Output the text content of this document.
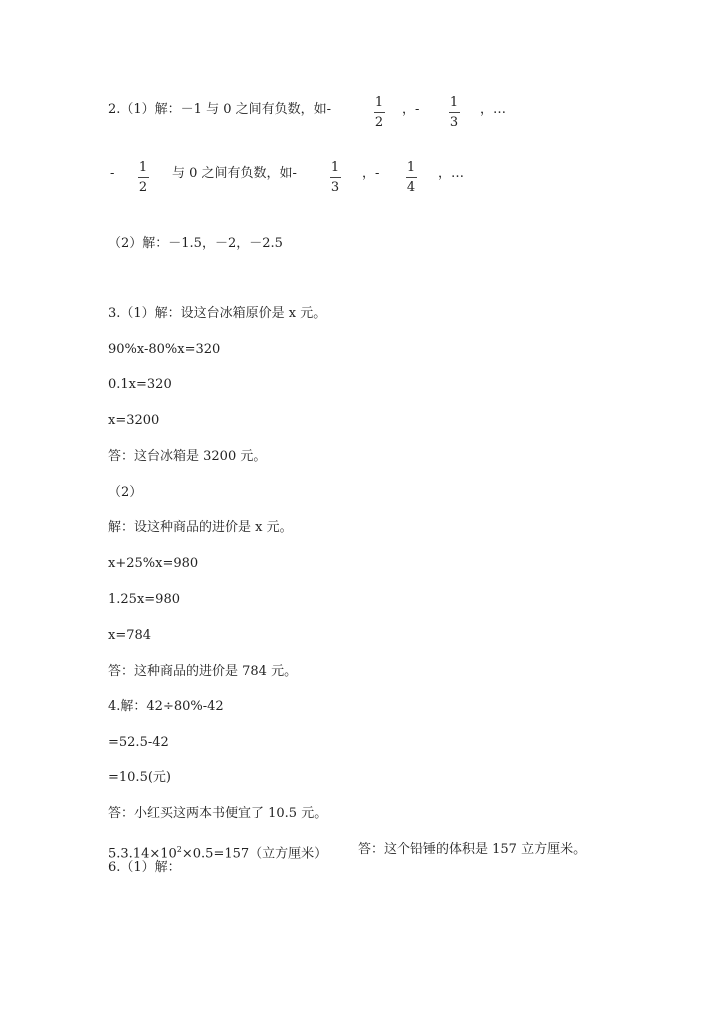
2.（1）解：－1 与 0 之间有负数，如-	1
2
，- 1
3
，…
- 1
2
与 0 之间有负数，如-	1
3
，- 1
4
，…
（2）解：－1.5，－2，－2.5
3.（1）解：设这台冰箱原价是 x 元。
90%x-80%x=320
0.1x=320
x=3200
答：这台冰箱是 3200 元。
（2）
解：设这种商品的进价是 x 元。
x+25%x=980
1.25x=980
x=784
答：这种商品的进价是 784 元。
4.解：42÷80%-42
=52.5-42
=10.5(元)
答：小红买这两本书便宜了 10.5 元。
$5.3.14\times 10^2\times 0.5=157$（立方厘米） 答：这个铅锤的体积是 157 立方厘米。
6.（1）解：
